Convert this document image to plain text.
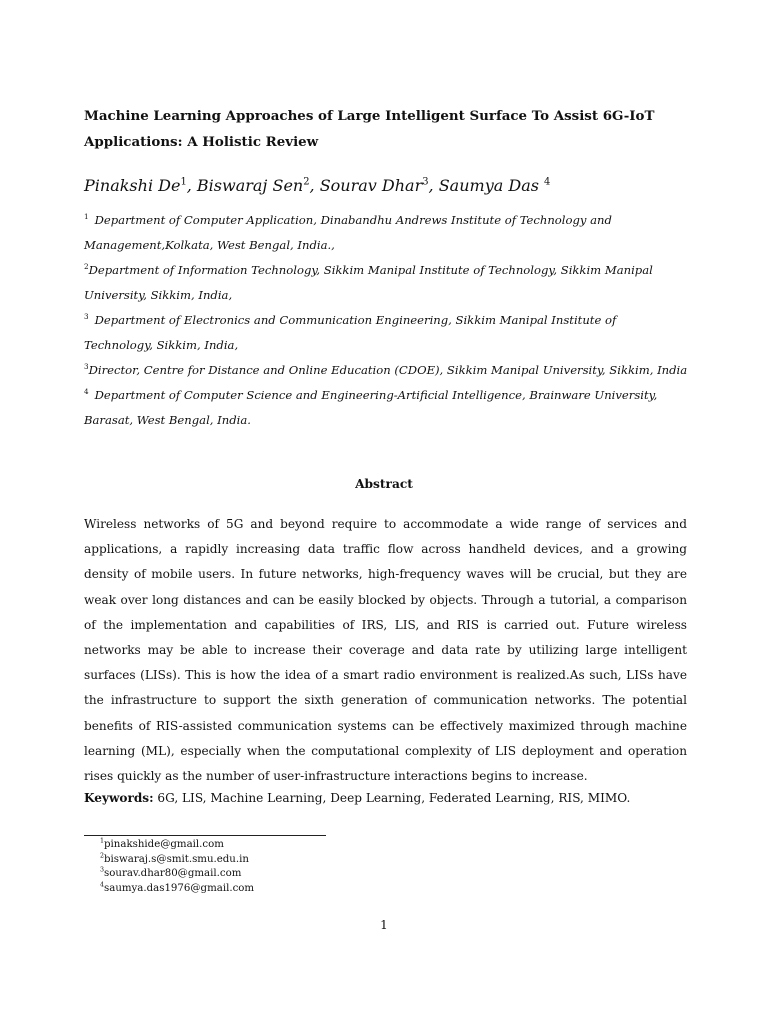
Machine Learning Approaches of Large Intelligent Surface To Assist 6G-IoT Applications: A Holistic Review
Pinakshi De$^1$, Biswaraj Sen$^2$, Sourav Dhar$^3$, Saumya Das $^4$

$^1$ Department of Computer Application, Dinabandhu Andrews Institute of Technology and Management,Kolkata, West Bengal, India.,

$^2$Department of Information Technology, Sikkim Manipal Institute of Technology, Sikkim Manipal University, Sikkim, India,

$^3$ Department of Electronics and Communication Engineering, Sikkim Manipal Institute of Technology, Sikkim, India,

$^3$Director, Centre for Distance and Online Education (CDOE), Sikkim Manipal University, Sikkim, India

$^4$ Department of Computer Science and Engineering-Artificial Intelligence, Brainware University, Barasat, West Bengal, India.

Abstract

Wireless networks of 5G and beyond require to accommodate a wide range of services and applications, a rapidly increasing data traffic flow across handheld devices, and a growing density of mobile users. In future networks, high-frequency waves will be crucial, but they are weak over long distances and can be easily blocked by objects. Through a tutorial, a comparison of the implementation and capabilities of IRS, LIS, and RIS is carried out. Future wireless networks may be able to increase their coverage and data rate by utilizing large intelligent surfaces (LISs). This is how the idea of a smart radio environment is realized.As such, LISs have the infrastructure to support the sixth generation of communication networks. The potential benefits of RIS-assisted communication systems can be effectively maximized through machine learning (ML), especially when the computational complexity of LIS deployment and operation rises quickly as the number of user-infrastructure interactions begins to increase.

Keywords: 6G, LIS, Machine Learning, Deep Learning, Federated Learning, RIS, MIMO.

$^1$pinakshide@gmail.com

$^2$biswaraj.s@smit.smu.edu.in

$^3$sourav.dhar80@gmail.com

$^4$saumya.das1976@gmail.com

1
